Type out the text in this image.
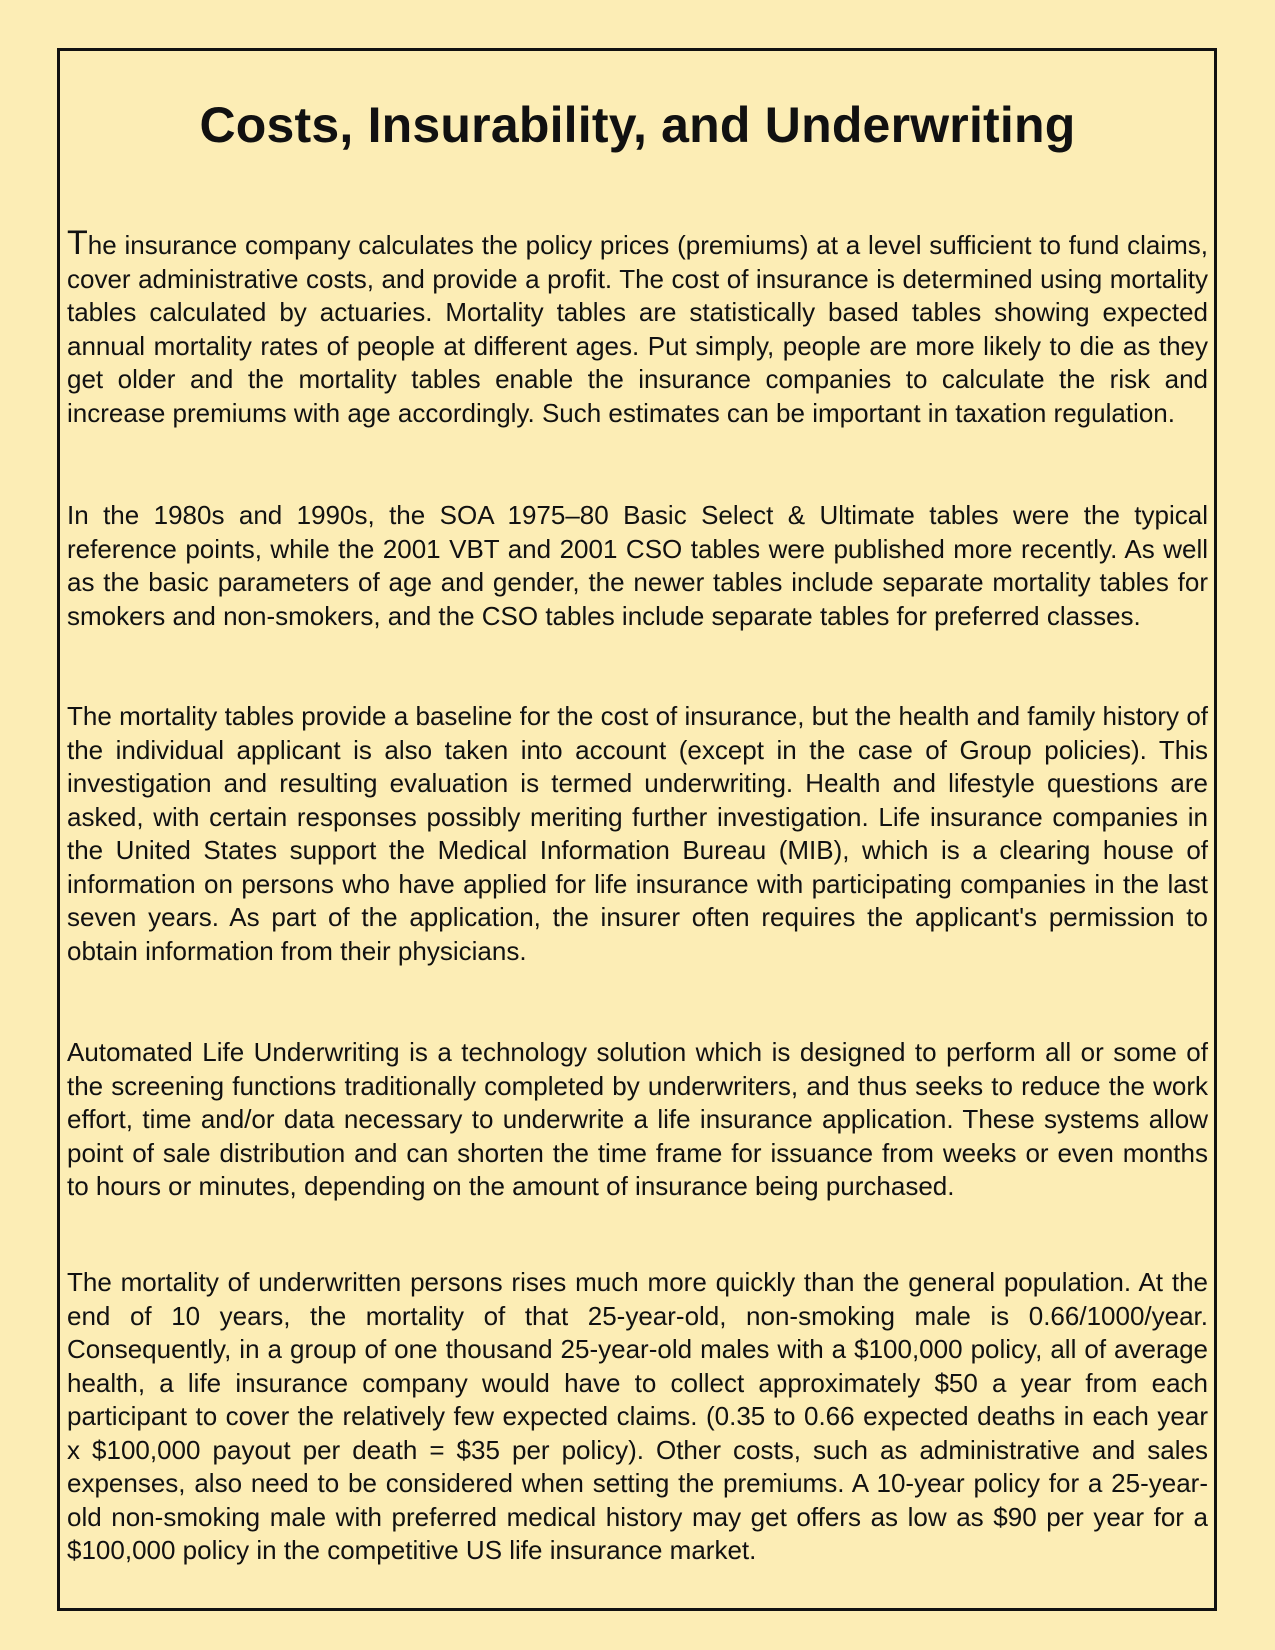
Costs, Insurability, and Underwriting

The insurance company calculates the policy prices (premiums) at a level sufficient to fund claims, cover administrative costs, and provide a profit. The cost of insurance is determined using mortality tables calculated by actuaries. Mortality tables are statistically based tables showing expected annual mortality rates of people at different ages. Put simply, people are more likely to die as they get older and the mortality tables enable the insurance companies to calculate the risk and increase premiums with age accordingly. Such estimates can be important in taxation regulation.

In the 1980s and 1990s, the SOA 1975–80 Basic Select & Ultimate tables were the typical reference points, while the 2001 VBT and 2001 CSO tables were published more recently. As well as the basic parameters of age and gender, the newer tables include separate mortality tables for smokers and non-smokers, and the CSO tables include separate tables for preferred classes.

The mortality tables provide a baseline for the cost of insurance, but the health and family history of the individual applicant is also taken into account (except in the case of Group policies). This investigation and resulting evaluation is termed underwriting. Health and lifestyle questions are asked, with certain responses possibly meriting further investigation. Life insurance companies in the United States support the Medical Information Bureau (MIB), which is a clearing house of information on persons who have applied for life insurance with participating companies in the last seven years. As part of the application, the insurer often requires the applicant's permission to obtain information from their physicians.

Automated Life Underwriting is a technology solution which is designed to perform all or some of the screening functions traditionally completed by underwriters, and thus seeks to reduce the work effort, time and/or data necessary to underwrite a life insurance application. These systems allow point of sale distribution and can shorten the time frame for issuance from weeks or even months to hours or minutes, depending on the amount of insurance being purchased.

The mortality of underwritten persons rises much more quickly than the general population. At the end of 10 years, the mortality of that 25-year-old, non-smoking male is 0.66/1000/year. Consequently, in a group of one thousand 25-year-old males with a $100,000 policy, all of average health, a life insurance company would have to collect approximately $50 a year from each participant to cover the relatively few expected claims. (0.35 to 0.66 expected deaths in each year x $100,000 payout per death = $35 per policy). Other costs, such as administrative and sales expenses, also need to be considered when setting the premiums. A 10-year policy for a 25-year-old non-smoking male with preferred medical history may get offers as low as $90 per year for a $100,000 policy in the competitive US life insurance market.
